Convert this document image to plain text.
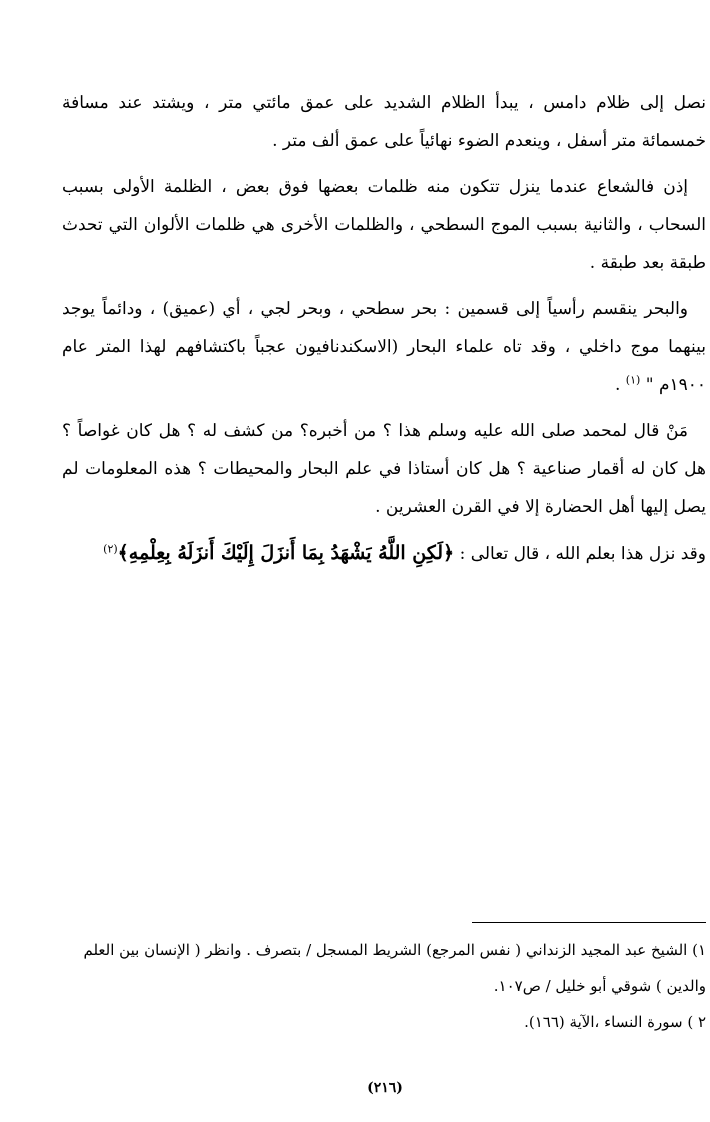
نصل إلى ظلام دامس ، يبدأ الظلام الشديد على عمق مائتي متر ، ويشتد عند مسافة خمسمائة متر أسفل ، وينعدم الضوء نهائياً على عمق ألف متر .

إذن فالشعاع عندما ينزل تتكون منه ظلمات بعضها فوق بعض ، الظلمة الأولى بسبب السحاب ، والثانية بسبب الموج السطحي ، والظلمات الأخرى هي ظلمات الألوان التي تحدث طبقة بعد طبقة .

والبحر ينقسم رأسياً إلى قسمين : بحر سطحي ، وبحر لجي ، أي (عميق) ، ودائماً يوجد بينهما موج داخلي ، وقد تاه علماء البحار (الاسكندنافيون عجباً باكتشافهم لهذا المتر عام ١٩٠٠م " $^{(١)}$ .

مَنْ قال لمحمد صلى الله عليه وسلم هذا ؟ من أخبره؟ من كشف له ؟ هل كان غواصاً ؟ هل كان له أقمار صناعية ؟ هل كان أستاذا في علم البحار والمحيطات ؟ هذه المعلومات لم يصل إليها أهل الحضارة إلا في القرن العشرين .

وقد نزل هذا بعلم الله ، قال تعالى : ﴿لَكِنِ اللَّهُ يَشْهَدُ بِمَا أَنزَلَ إِلَيْكَ أَنزَلَهُ بِعِلْمِهِ﴾$^{(٢)}$

١) الشيخ عبد المجيد الزنداني ( نفس المرجع) الشريط المسجل / بتصرف . وانظر ( الإنسان بين العلم والدين ) شوقي أبو خليل / ص١٠٧.

٢ ) سورة النساء ،الآية (١٦٦).

(٢١٦)
